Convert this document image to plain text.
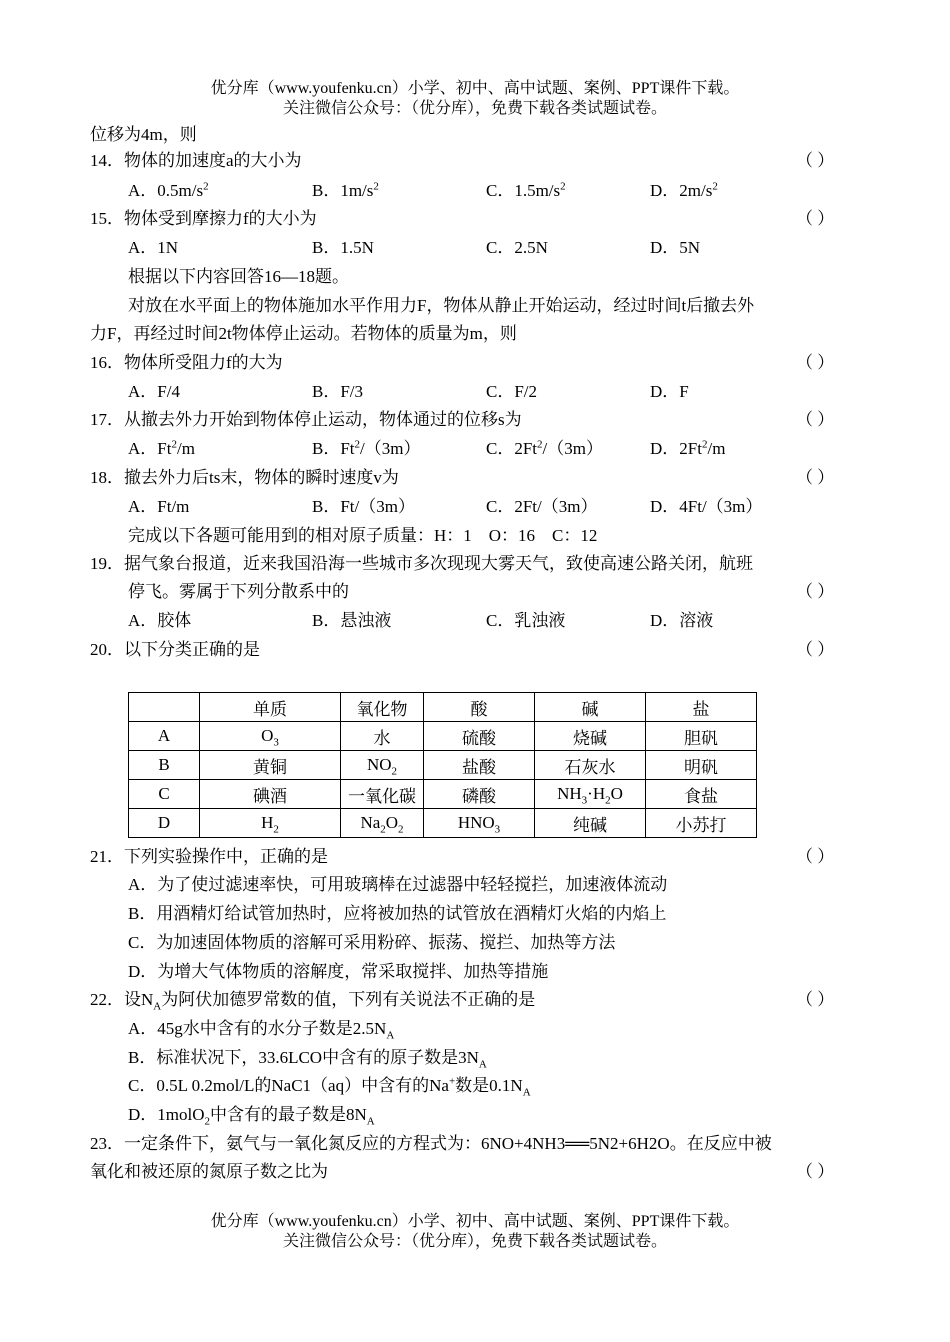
优分库（www.youfenku.cn）小学、初中、高中试题、案例、PPT课件下载。
关注微信公众号：（优分库），免费下载各类试题试卷。
位移为4m，则
14．物体的加速度a的大小为	（ ）
A．$0.5m/s^2$	B．$1m/s^2$	C．$1.5m/s^2$	D．$2m/s^2$
15．物体受到摩擦力f的大小为	（ ）
A．1N	B．1.5N	C．2.5N	D．5N
根据以下内容回答16—18题。
对放在水平面上的物体施加水平作用力F，物体从静止开始运动，经过时间t后撤去外
力F，再经过时间2t物体停止运动。若物体的质量为m，则
16．物体所受阻力f的大为	（ ）
A．F/4	B．F/3	C．F/2	D．F
17．从撤去外力开始到物体停止运动，物体通过的位移s为	（ ）
A．Ft$^2$/m	B．Ft$^2$/（3m）	C．2Ft$^2$/（3m）	D．2Ft$^2$/m
18．撤去外力后ts末，物体的瞬时速度v为	（ ）
A．Ft/m	B．Ft/（3m）	C．2Ft/（3m）	D．4Ft/（3m）
完成以下各题可能用到的相对原子质量：H：1　O：16　C：12
19．据气象台报道，近来我国沿海一些城市多次现现大雾天气，致使高速公路关闭，航班
停飞。雾属于下列分散系中的	（ ）
A．胶体	B．悬浊液	C．乳浊液	D．溶液
20．以下分类正确的是	（ ）
	单质	氧化物	酸	碱	盐
A	$O_3$	水	硫酸	烧碱	胆矾
B	黄铜	$NO_2$	盐酸	石灰水	明矾
C	碘酒	一氧化碳	磷酸	$NH_3\cdot H_2O$	食盐
D	$H_2$	$Na_2O_2$	$HNO_3$	纯碱	小苏打
21．下列实验操作中，正确的是	（ ）
A．为了使过滤速率快，可用玻璃棒在过滤器中轻轻搅拦，加速液体流动
B．用酒精灯给试管加热时，应将被加热的试管放在酒精灯火焰的内焰上
C．为加速固体物质的溶解可采用粉碎、振荡、搅拦、加热等方法
D．为增大气体物质的溶解度，常采取搅拌、加热等措施
22．设$N_A$为阿伏加德罗常数的值，下列有关说法不正确的是	（ ）
A．45g水中含有的水分子数是$2.5N_A$
B．标准状况下，33.6LCO中含有的原子数是$3N_A$
C．0.5L 0.2mol/L的NaC1（aq）中含有的Na+数是$0.1N_A$
D．1molO$_2$中含有的最子数是$8N_A$
23．一定条件下，氨气与一氧化氮反应的方程式为：6NO+4NH3══5N2+6H2O。在反应中被
氧化和被还原的氮原子数之比为	（ ）
优分库（www.youfenku.cn）小学、初中、高中试题、案例、PPT课件下载。
关注微信公众号：（优分库），免费下载各类试题试卷。
